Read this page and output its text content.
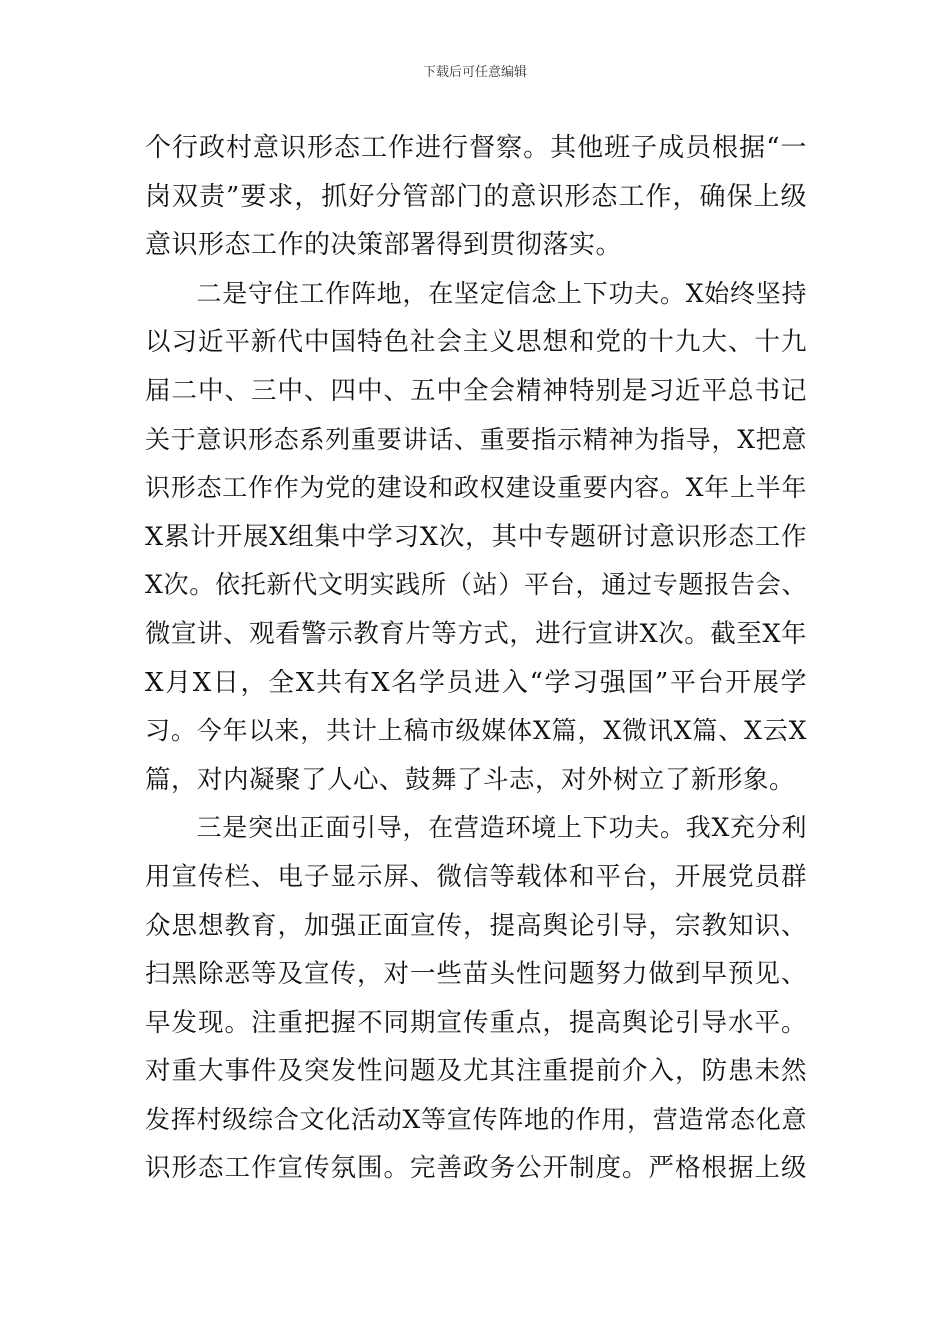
下载后可任意编辑
个行政村意识形态工作进行督察。其他班子成员根据“一
岗双责”要求，抓好分管部门的意识形态工作，确保上级
意识形态工作的决策部署得到贯彻落实。
　　二是守住工作阵地，在坚定信念上下功夫。X始终坚持
以习近平新代中国特色社会主义思想和党的十九大、十九
届二中、三中、四中、五中全会精神特别是习近平总书记
关于意识形态系列重要讲话、重要指示精神为指导，X把意
识形态工作作为党的建设和政权建设重要内容。X年上半年
X累计开展X组集中学习X次，其中专题研讨意识形态工作
X次。依托新代文明实践所（站）平台，通过专题报告会、
微宣讲、观看警示教育片等方式，进行宣讲X次。截至X年
X月X日，全X共有X名学员进入“学习强国”平台开展学
习。今年以来，共计上稿市级媒体X篇，X微讯X篇、X云X
篇，对内凝聚了人心、鼓舞了斗志，对外树立了新形象。
　　三是突出正面引导，在营造环境上下功夫。我X充分利
用宣传栏、电子显示屏、微信等载体和平台，开展党员群
众思想教育，加强正面宣传，提高舆论引导，宗教知识、
扫黑除恶等及宣传，对一些苗头性问题努力做到早预见、
早发现。注重把握不同期宣传重点，提高舆论引导水平。
对重大事件及突发性问题及尤其注重提前介入，防患未然
发挥村级综合文化活动X等宣传阵地的作用，营造常态化意
识形态工作宣传氛围。完善政务公开制度。严格根据上级
